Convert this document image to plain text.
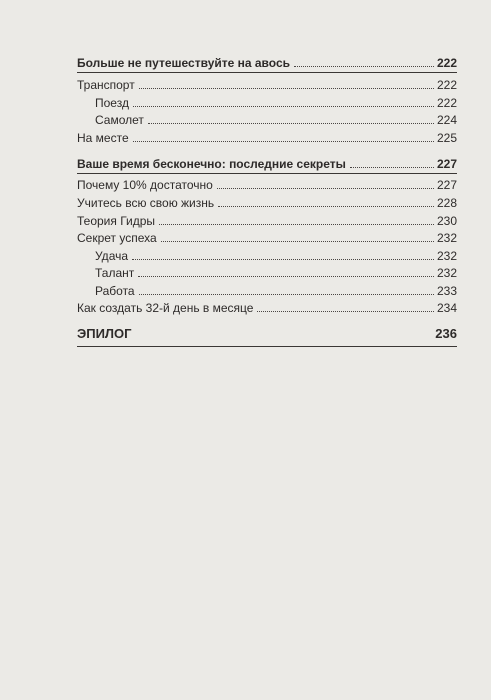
Больше не путешествуйте на авось	222
Транспорт	222
Поезд	222
Самолет	224
На месте	225
Ваше время бесконечно: последние секреты	227
Почему 10% достаточно	227
Учитесь всю свою жизнь	228
Теория Гидры	230
Секрет успеха	232
Удача	232
Талант	232
Работа	233
Как создать 32-й день в месяце	234
ЭПИЛОГ	236
